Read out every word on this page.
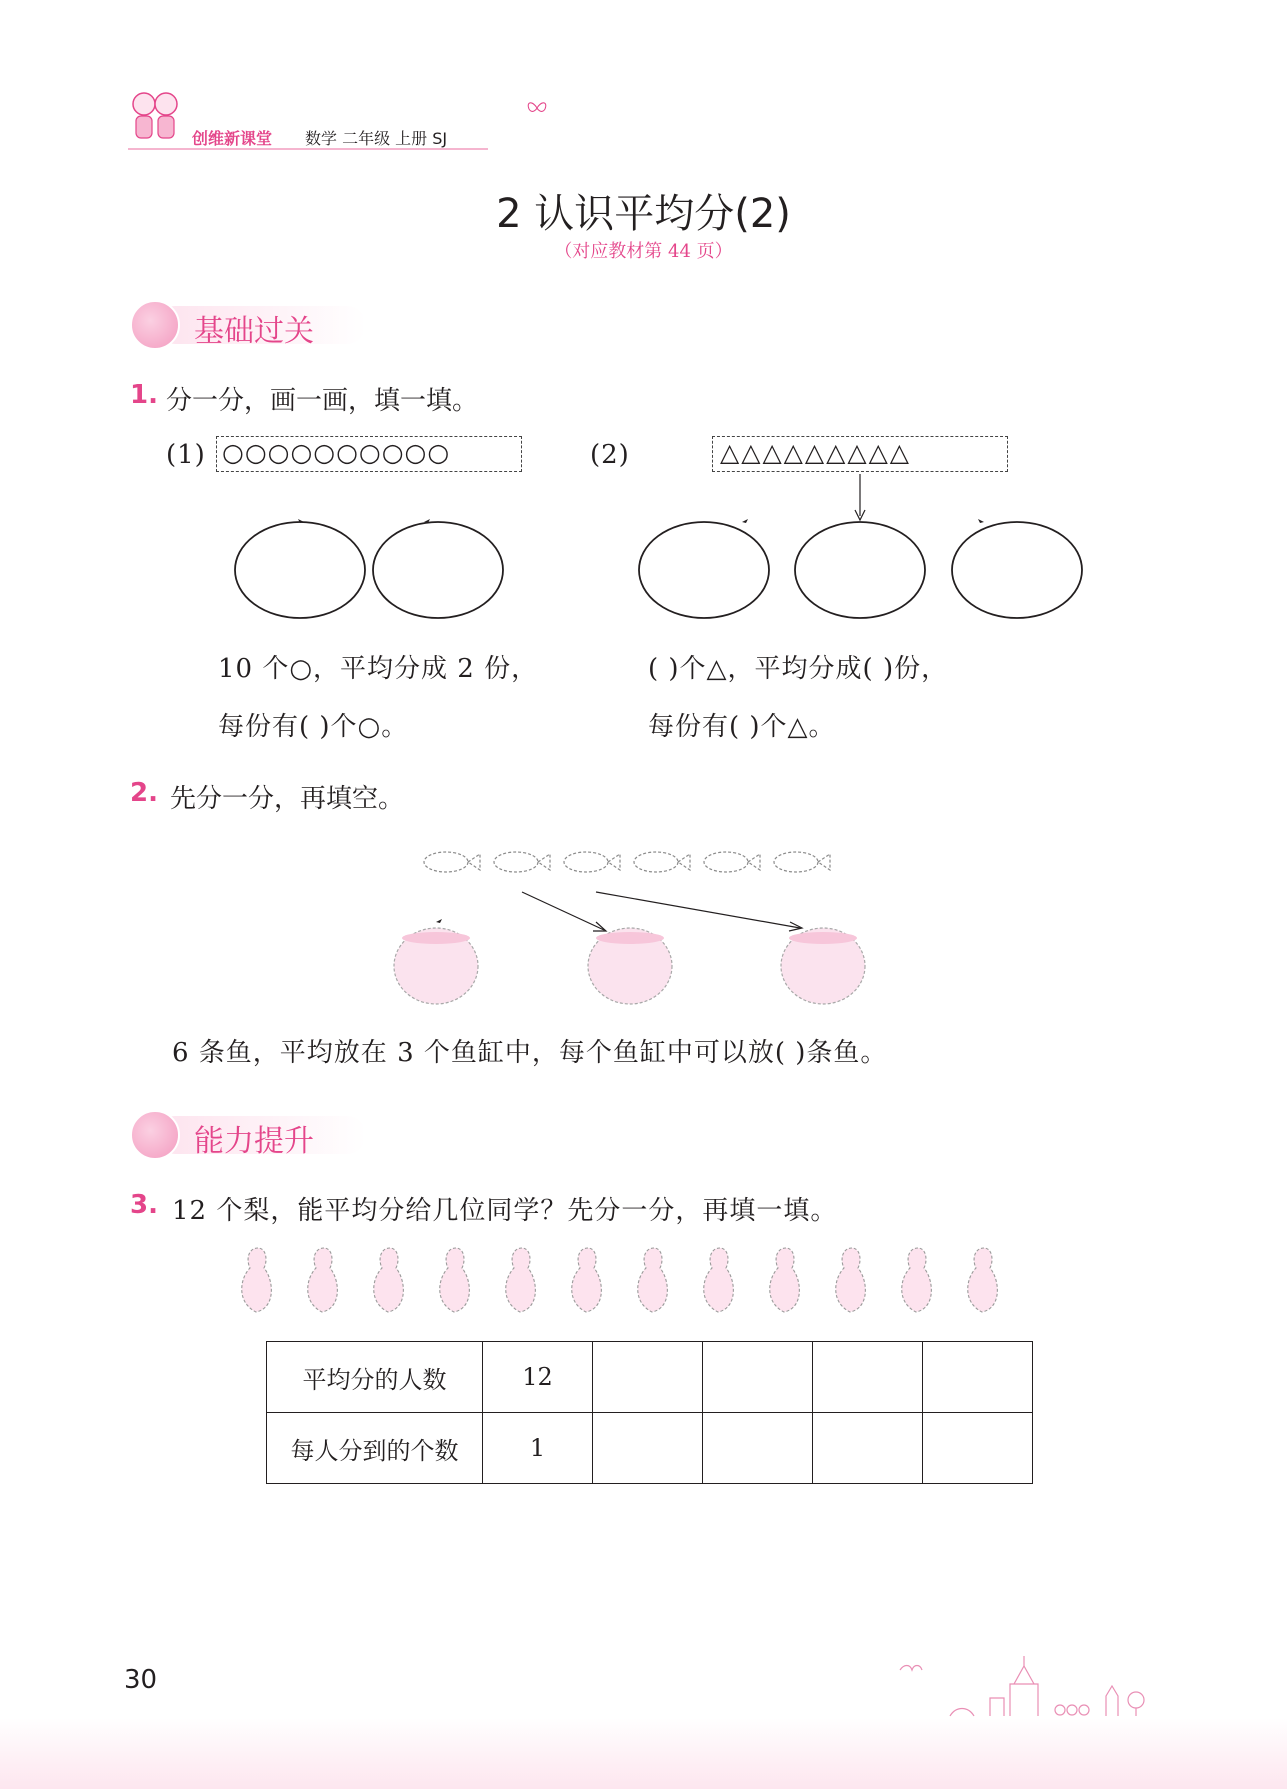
创维新课堂 数学 二年级 上册 SJ
2 认识平均分(2)
（对应教材第 44 页）
基础过关
1. 分一分，画一画，填一填。
(1) ○○○○○○○○○○	(2)	△△△△△△△△△
10 个○，平均分成 2 份，
每份有( )个○。
( )个△，平均分成( )份，
每份有( )个△。
2. 先分一分，再填空。
6 条鱼，平均放在 3 个鱼缸中，每个鱼缸中可以放( )条鱼。
能力提升
3. 12 个梨，能平均分给几位同学？先分一分，再填一填。
平均分的人数	12				
每人分到的个数	1				
30
